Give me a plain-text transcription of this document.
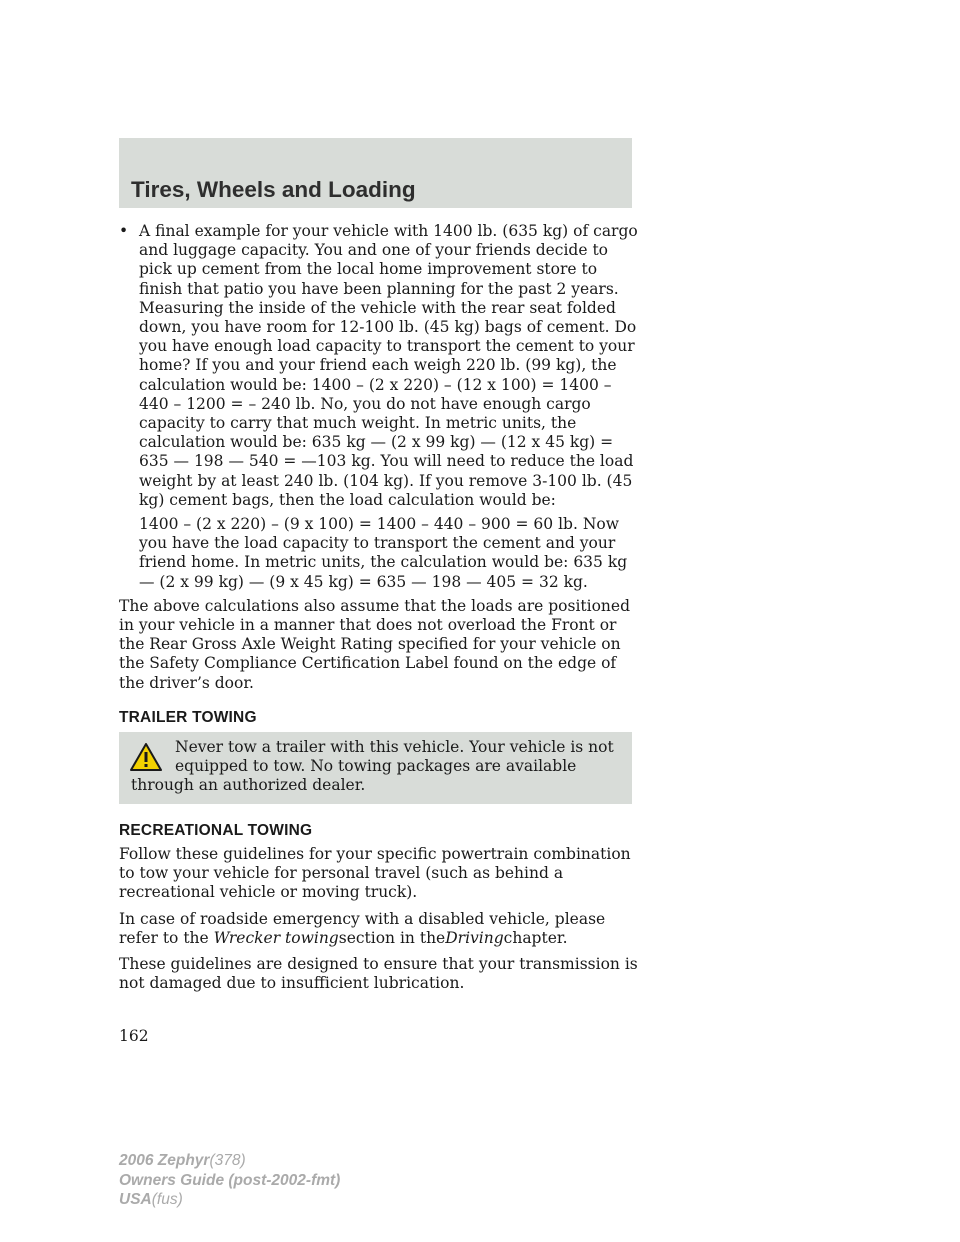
Tires, Wheels and Loading
• A final example for your vehicle with 1400 lb. (635 kg) of cargo and luggage capacity. You and one of your friends decide to pick up cement from the local home improvement store to finish that patio you have been planning for the past 2 years. Measuring the inside of the vehicle with the rear seat folded down, you have room for 12-100 lb. (45 kg) bags of cement. Do you have enough load capacity to transport the cement to your home? If you and your friend each weigh 220 lb. (99 kg), the calculation would be: 1400 – (2 x 220) – (12 x 100) = 1400 – 440 – 1200 = – 240 lb. No, you do not have enough cargo capacity to carry that much weight. In metric units, the calculation would be: 635 kg — (2 x 99 kg) — (12 x 45 kg) = 635 — 198 — 540 = —103 kg. You will need to reduce the load weight by at least 240 lb. (104 kg). If you remove 3-100 lb. (45 kg) cement bags, then the load calculation would be:

1400 – (2 x 220) – (9 x 100) = 1400 – 440 – 900 = 60 lb. Now you have the load capacity to transport the cement and your friend home. In metric units, the calculation would be: 635 kg — (2 x 99 kg) — (9 x 45 kg) = 635 — 198 — 405 = 32 kg.

The above calculations also assume that the loads are positioned in your vehicle in a manner that does not overload the Front or the Rear Gross Axle Weight Rating specified for your vehicle on the Safety Compliance Certification Label found on the edge of the driver’s door.

TRAILER TOWING
Never tow a trailer with this vehicle. Your vehicle is not equipped to tow. No towing packages are available through an authorized dealer.
RECREATIONAL TOWING

Follow these guidelines for your specific powertrain combination to tow your vehicle for personal travel (such as behind a recreational vehicle or moving truck).

In case of roadside emergency with a disabled vehicle, please refer to the Wrecker towingsection in theDrivingchapter.

These guidelines are designed to ensure that your transmission is not damaged due to insufficient lubrication.

162
2006 Zephyr(378)
Owners Guide (post-2002-fmt)
USA(fus)
